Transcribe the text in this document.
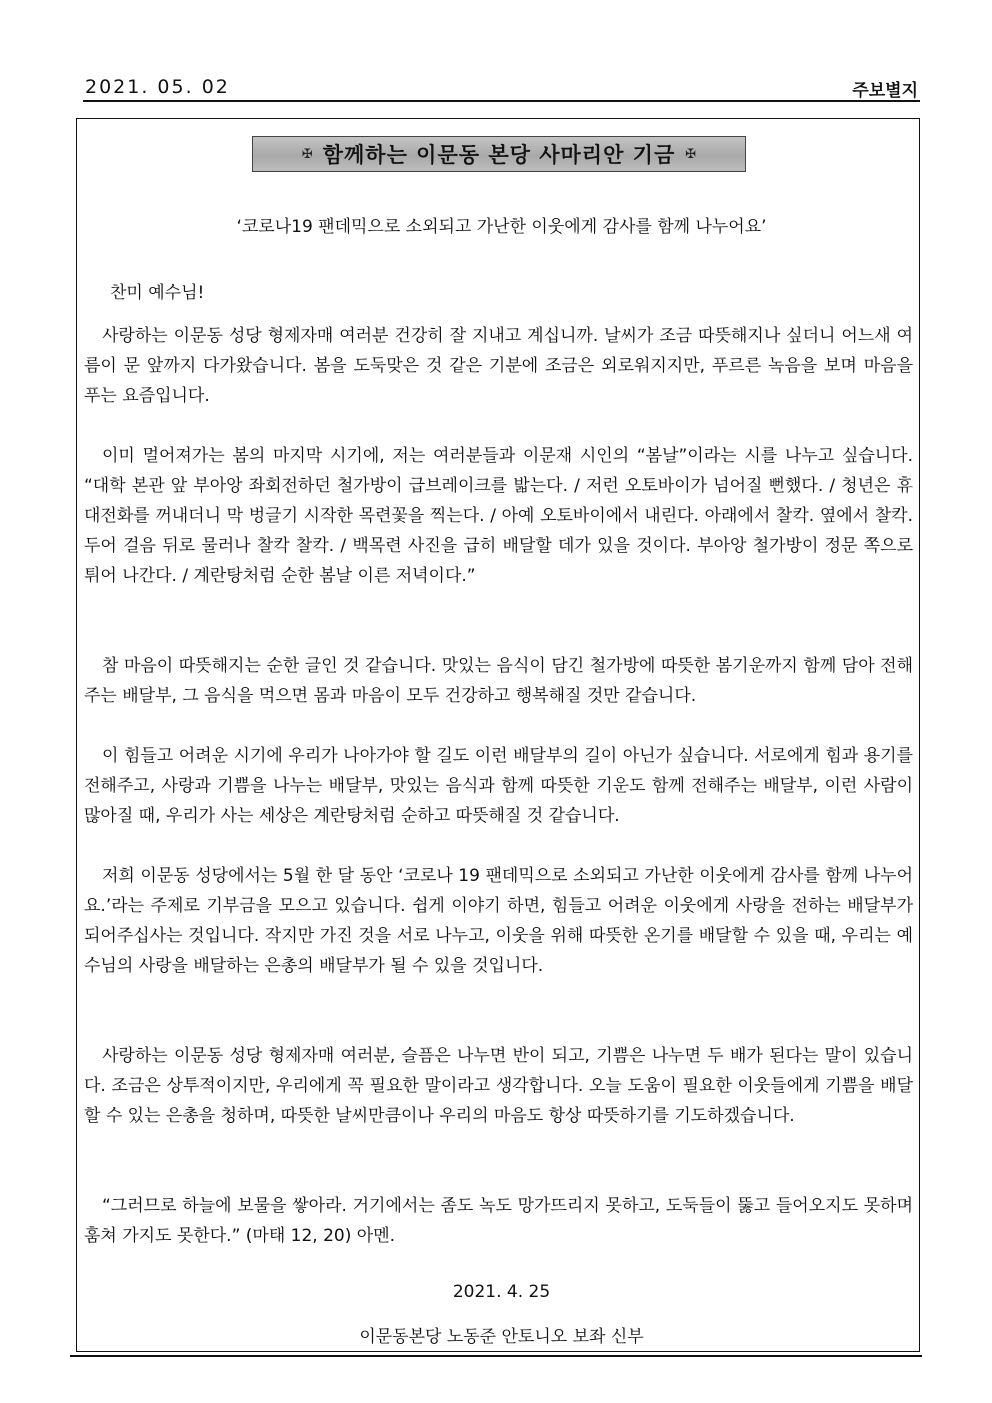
2021. 05. 02	주보별지
✠ 함께하는 이문동 본당 사마리안 기금 ✠
‘코로나19 팬데믹으로 소외되고 가난한 이웃에게 감사를 함께 나누어요’
찬미 예수님!

사랑하는 이문동 성당 형제자매 여러분 건강히 잘 지내고 계십니까. 날씨가 조금 따뜻해지나 싶더니 어느새 여름이 문 앞까지 다가왔습니다. 봄을 도둑맞은 것 같은 기분에 조금은 외로워지지만, 푸르른 녹음을 보며 마음을 푸는 요즘입니다.

이미 멀어져가는 봄의 마지막 시기에, 저는 여러분들과 이문재 시인의 “봄날”이라는 시를 나누고 싶습니다. “대학 본관 앞 부아앙 좌회전하던 철가방이 급브레이크를 밟는다. / 저런 오토바이가 넘어질 뻔했다. / 청년은 휴대전화를 꺼내더니 막 벙글기 시작한 목련꽃을 찍는다. / 아예 오토바이에서 내린다. 아래에서 찰칵. 옆에서 찰칵. 두어 걸음 뒤로 물러나 찰칵 찰칵. / 백목련 사진을 급히 배달할 데가 있을 것이다. 부아앙 철가방이 정문 쪽으로 튀어 나간다. / 계란탕처럼 순한 봄날 이른 저녁이다.”

참 마음이 따뜻해지는 순한 글인 것 같습니다. 맛있는 음식이 담긴 철가방에 따뜻한 봄기운까지 함께 담아 전해주는 배달부, 그 음식을 먹으면 몸과 마음이 모두 건강하고 행복해질 것만 같습니다.

이 힘들고 어려운 시기에 우리가 나아가야 할 길도 이런 배달부의 길이 아닌가 싶습니다. 서로에게 힘과 용기를 전해주고, 사랑과 기쁨을 나누는 배달부, 맛있는 음식과 함께 따뜻한 기운도 함께 전해주는 배달부, 이런 사람이 많아질 때, 우리가 사는 세상은 계란탕처럼 순하고 따뜻해질 것 같습니다.

저희 이문동 성당에서는 5월 한 달 동안 ‘코로나 19 팬데믹으로 소외되고 가난한 이웃에게 감사를 함께 나누어요.’라는 주제로 기부금을 모으고 있습니다. 쉽게 이야기 하면, 힘들고 어려운 이웃에게 사랑을 전하는 배달부가 되어주십사는 것입니다. 작지만 가진 것을 서로 나누고, 이웃을 위해 따뜻한 온기를 배달할 수 있을 때, 우리는 예수님의 사랑을 배달하는 은총의 배달부가 될 수 있을 것입니다.

사랑하는 이문동 성당 형제자매 여러분, 슬픔은 나누면 반이 되고, 기쁨은 나누면 두 배가 된다는 말이 있습니다. 조금은 상투적이지만, 우리에게 꼭 필요한 말이라고 생각합니다. 오늘 도움이 필요한 이웃들에게 기쁨을 배달할 수 있는 은총을 청하며, 따뜻한 날씨만큼이나 우리의 마음도 항상 따뜻하기를 기도하겠습니다.

“그러므로 하늘에 보물을 쌓아라. 거기에서는 좀도 녹도 망가뜨리지 못하고, 도둑들이 뚫고 들어오지도 못하며 훔쳐 가지도 못한다.” (마태 12, 20) 아멘.

2021. 4. 25
이문동본당 노동준 안토니오 보좌 신부
